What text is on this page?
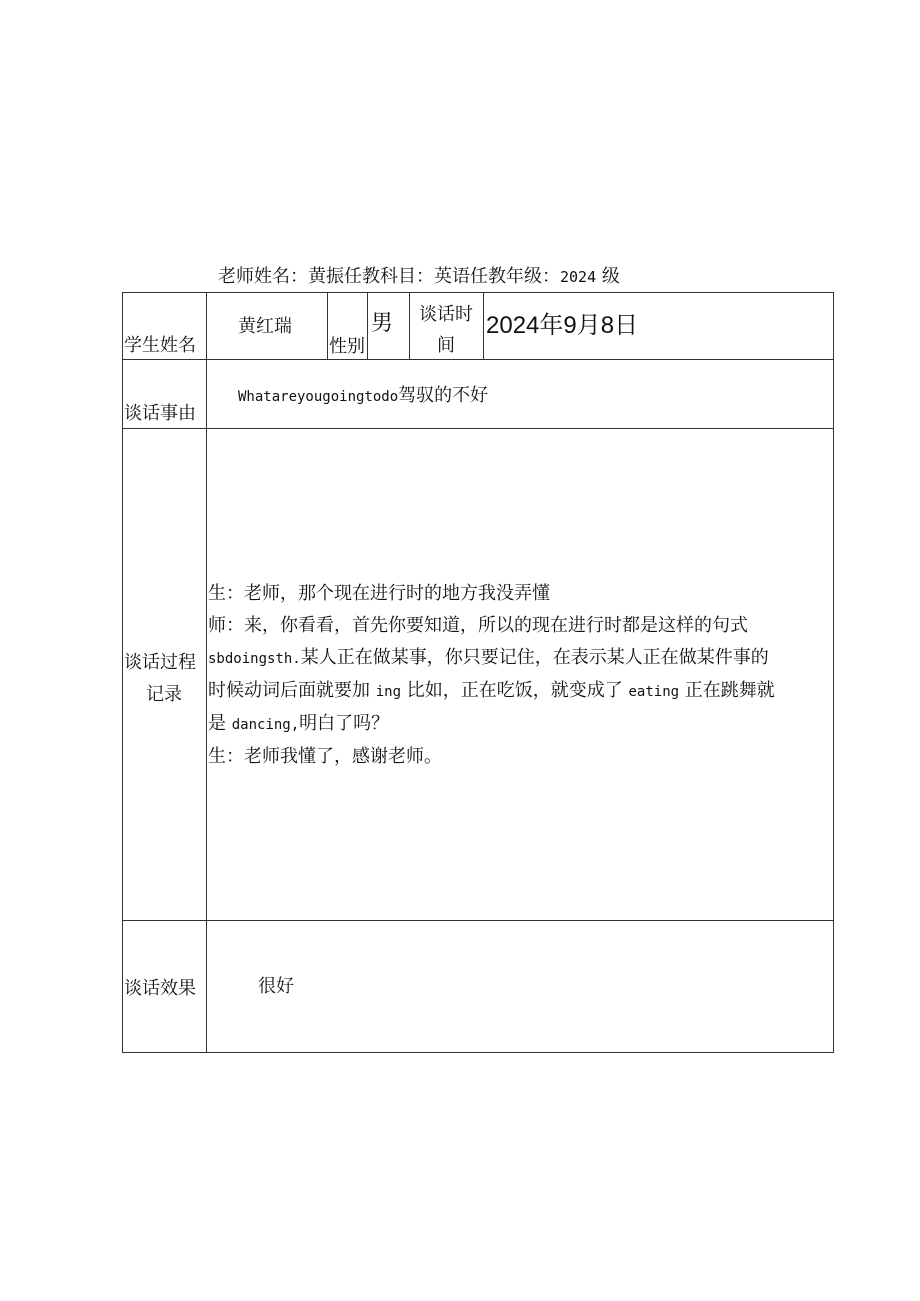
老师姓名：黄振任教科目：英语任教年级：2024 级
学生姓名
黄红瑞
性别
男 谈话时
间
2024年9月8日
谈话事由
Whatareyougoingtodo驾驭的不好
谈话过程
记录

生：老师，那个现在进行时的地方我没弄懂

师：来，你看看，首先你要知道，所以的现在进行时都是这样的句式

sbdoingsth.某人正在做某事，你只要记住，在表示某人正在做某件事的

时候动词后面就要加 ing 比如，正在吃饭，就变成了 eating 正在跳舞就

是 dancing,明白了吗？

生：老师我懂了，感谢老师。

谈话效果	很好
